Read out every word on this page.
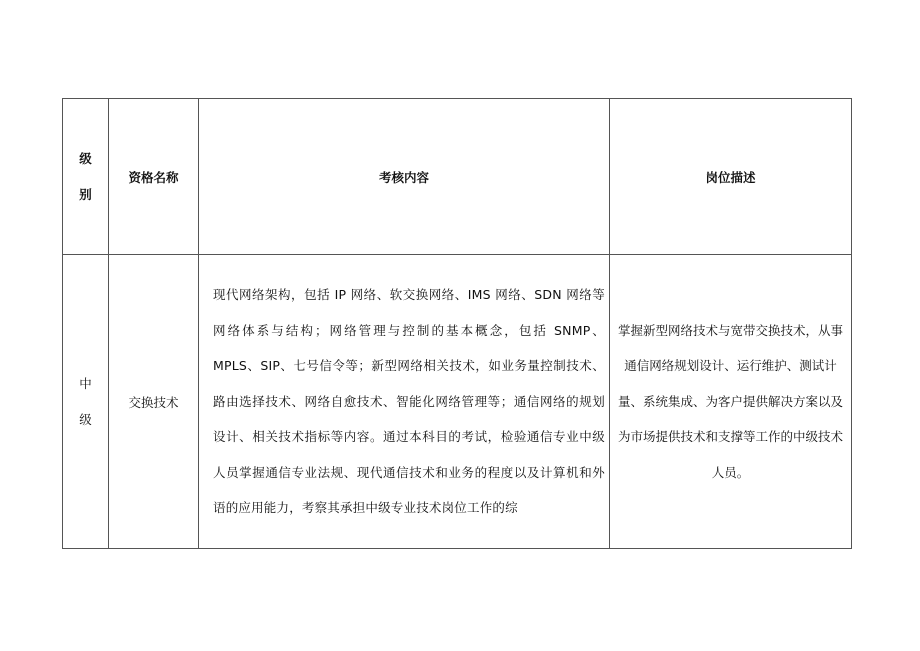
级别	资格名称	考核内容	岗位描述
中级	交换技术	现代网络架构，包括 IP 网络、软交换网络、IMS 网络、SDN 网络等网络体系与结构；网络管理与控制的基本概念，包括 SNMP、MPLS、SIP、七号信令等；新型网络相关技术，如业务量控制技术、路由选择技术、网络自愈技术、智能化网络管理等；通信网络的规划设计、相关技术指标等内容。通过本科目的考试，检验通信专业中级人员掌握通信专业法规、现代通信技术和业务的程度以及计算机和外语的应用能力，考察其承担中级专业技术岗位工作的综	掌握新型网络技术与宽带交换技术，从事通信网络规划设计、运行维护、测试计量、系统集成、为客户提供解决方案以及为市场提供技术和支撑等工作的中级技术人员。
